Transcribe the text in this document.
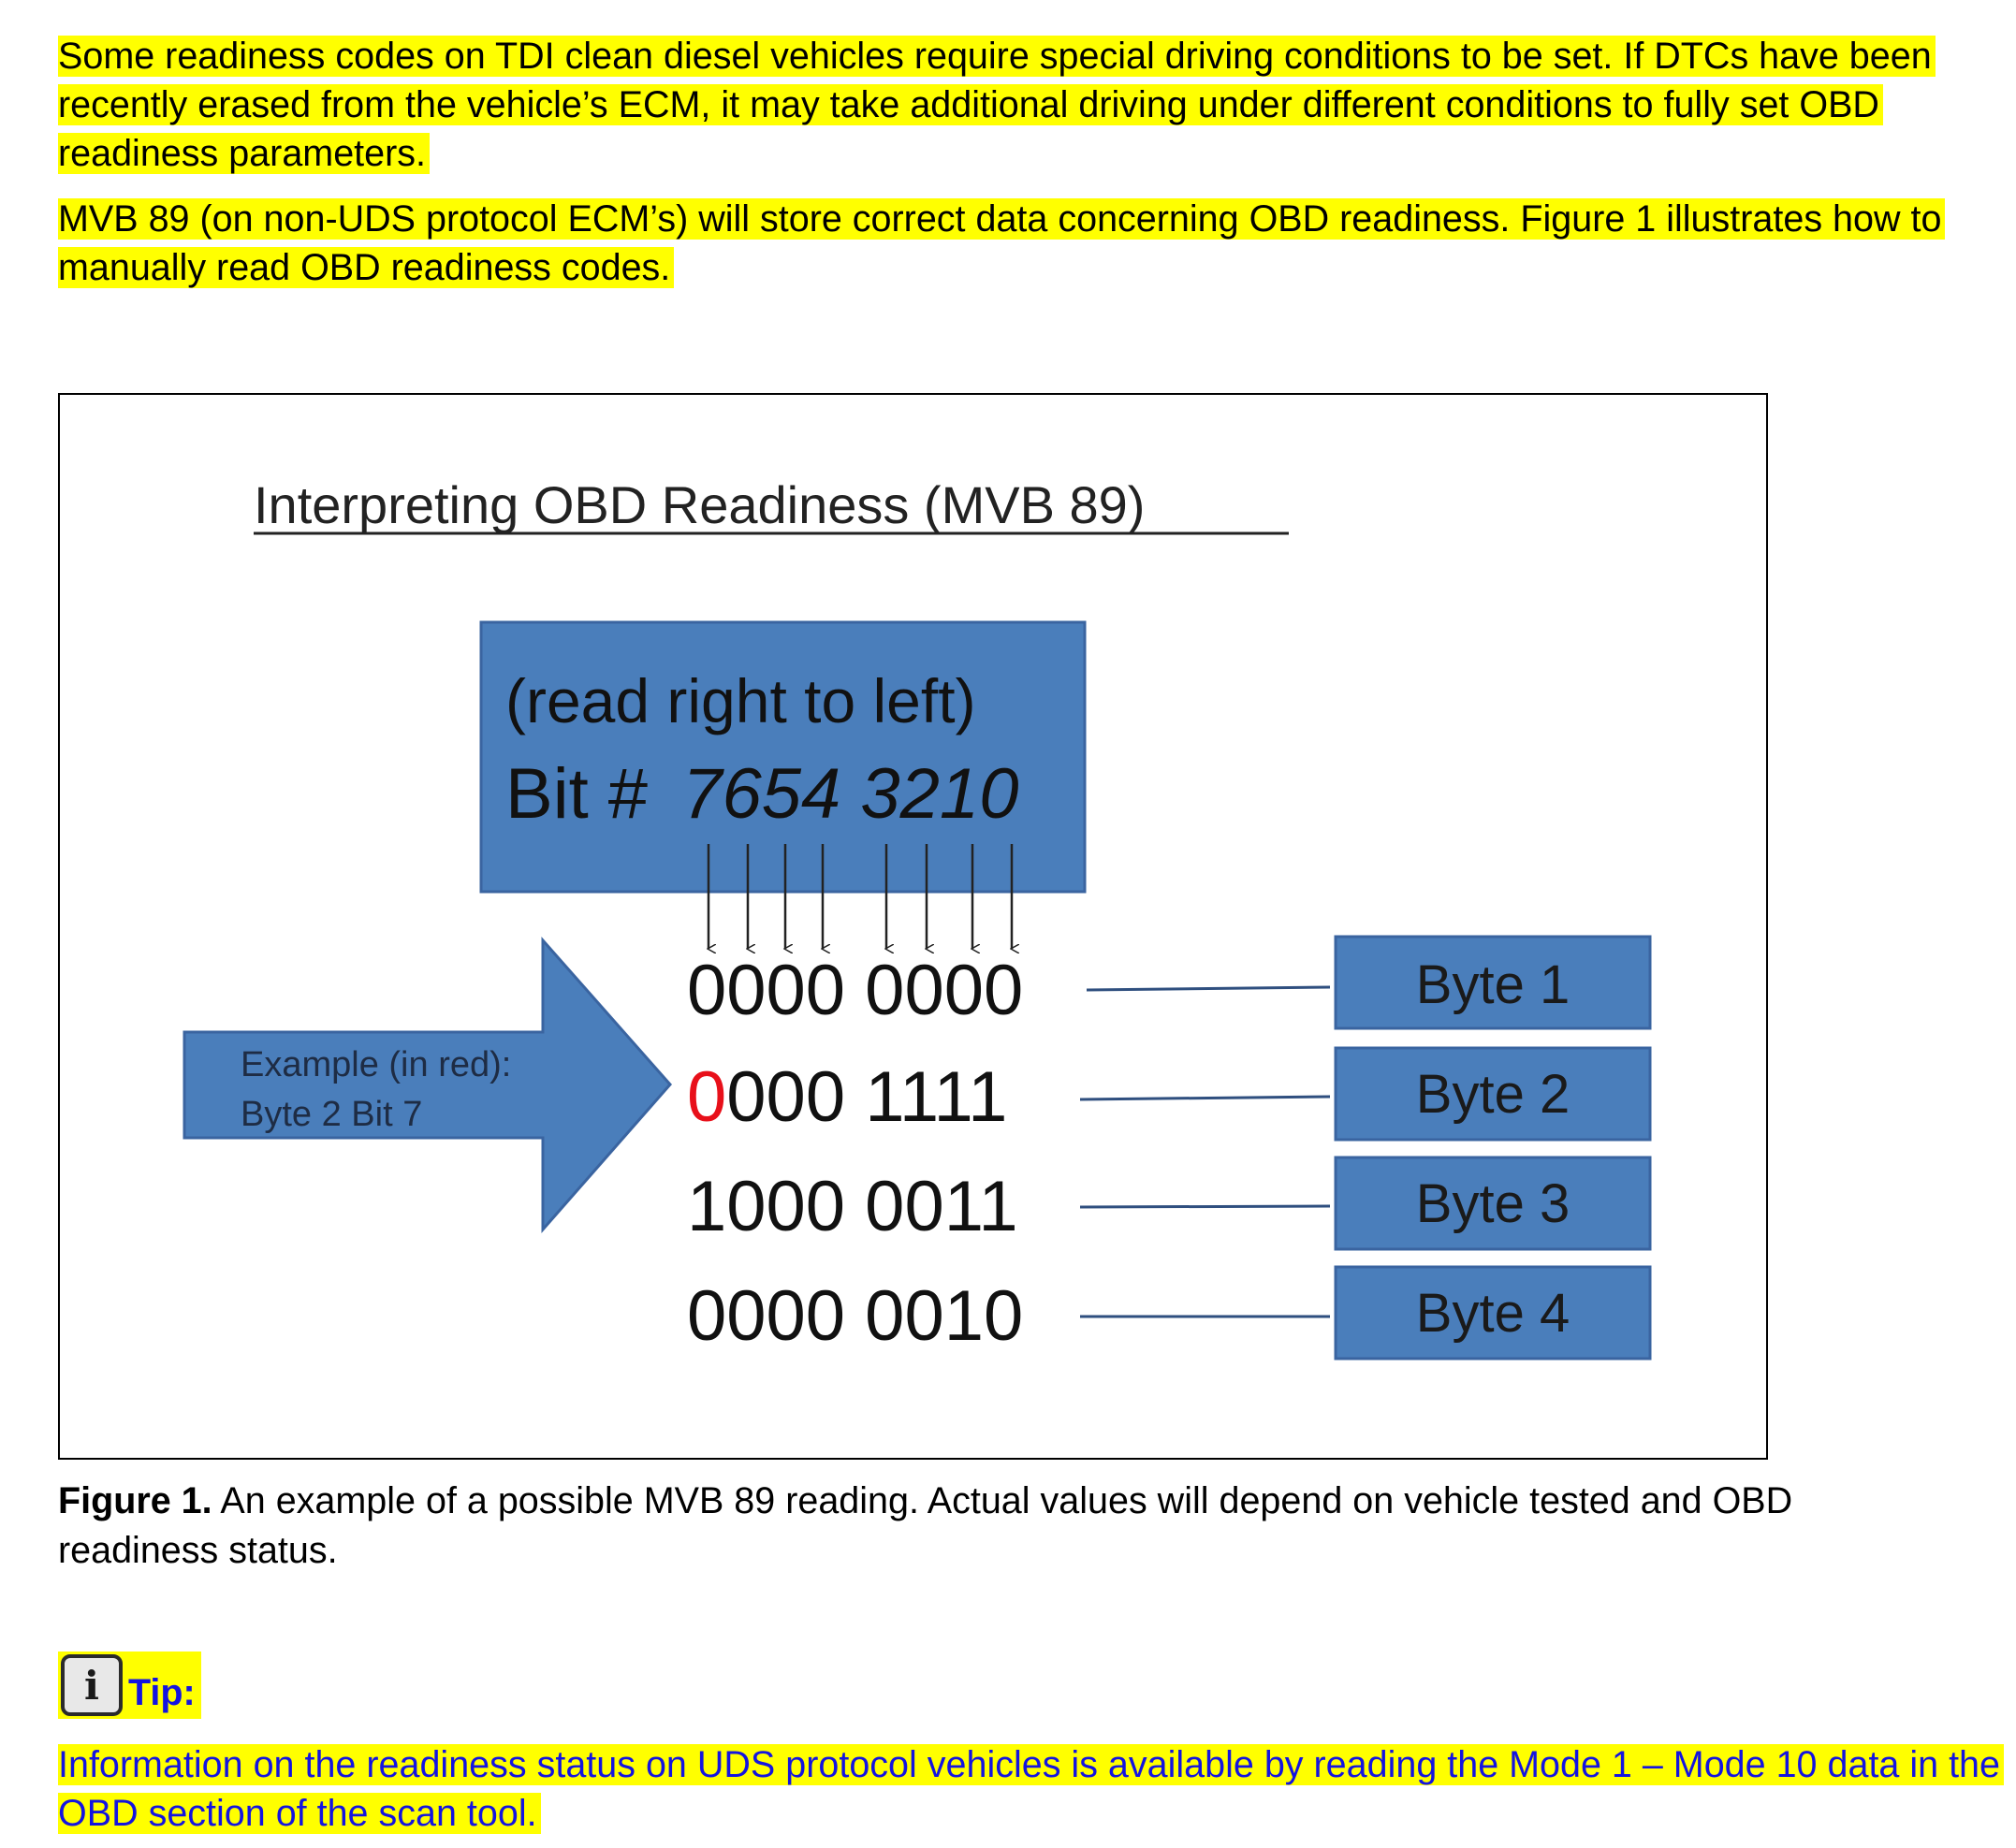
Some readiness codes on TDI clean diesel vehicles require special driving conditions to be set. If DTCs have been recently erased from the vehicle’s ECM, it may take additional driving under different conditions to fully set OBD readiness parameters.

MVB 89 (on non-UDS protocol ECM’s) will store correct data concerning OBD readiness. Figure 1 illustrates how to manually read OBD readiness codes.

Interpreting OBD Readiness (MVB 89)
(read right to left)
Bit # 7654 3210
Example (in red):
Byte 2 Bit 7
0000 0000
0000 1111
1000 0011
0000 0010
Byte 1
Byte 2
Byte 3
Byte 4

Figure 1. An example of a possible MVB 89 reading. Actual values will depend on vehicle tested and OBD readiness status.

i Tip:

Information on the readiness status on UDS protocol vehicles is available by reading the Mode 1 – Mode 10 data in the OBD section of the scan tool.
